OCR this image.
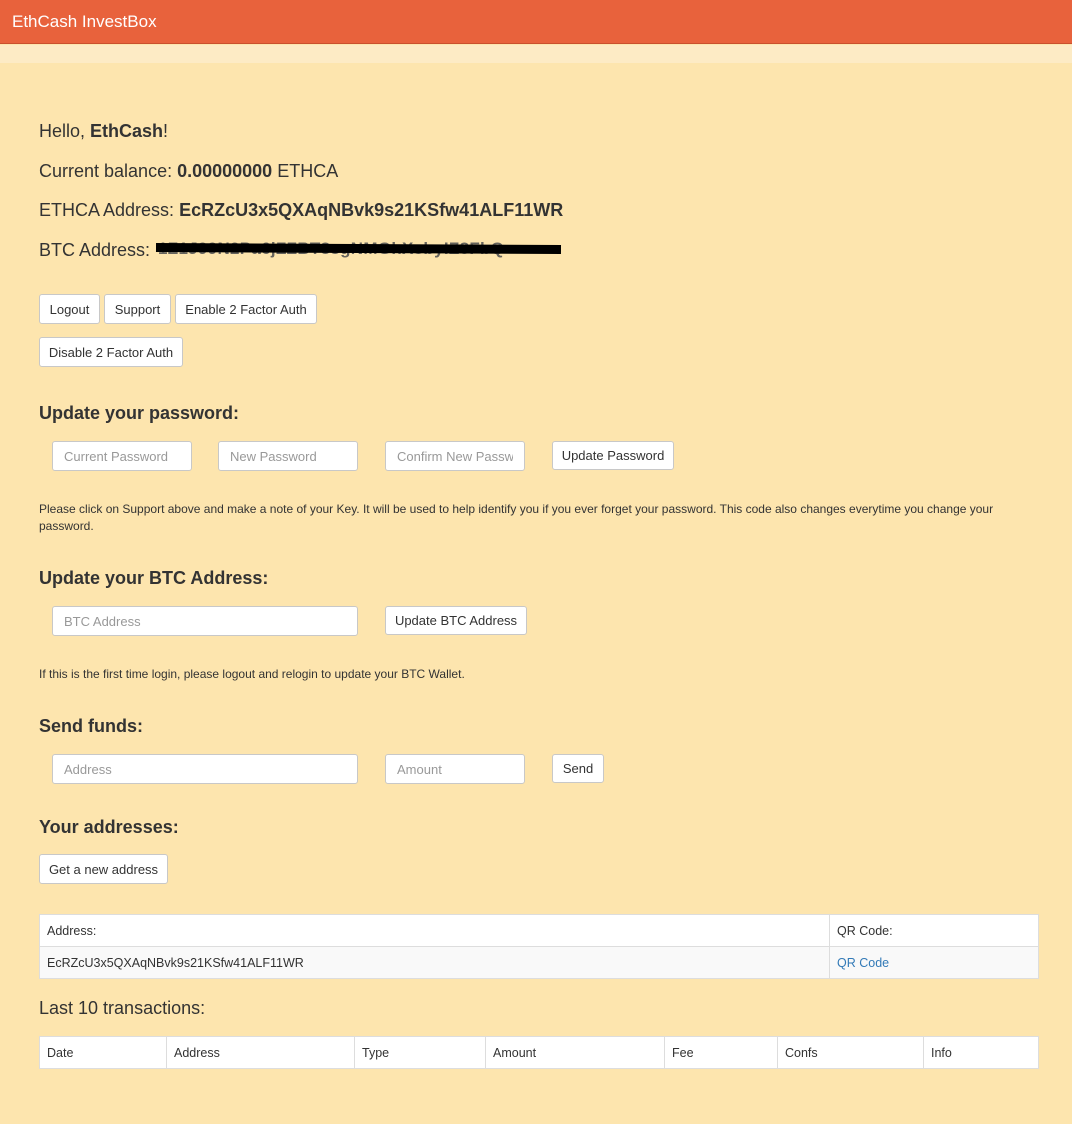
EthCash InvestBox
Hello, EthCash!
Current balance: 0.00000000 ETHCA
ETHCA Address: EcRZcU3x5QXAqNBvk9s21KSfw41ALF11WR
BTC Address:
Logout	Support	Enable 2 Factor Auth
Disable 2 Factor Auth
Update your password:
Current Password
New Password
Confirm New Password
Update Password
Please click on Support above and make a note of your Key. It will be used to help identify you if you ever forget your password. This code also changes everytime you change your password.
Update your BTC Address:
BTC Address
Update BTC Address
If this is the first time login, please logout and relogin to update your BTC Wallet.
Send funds:
Address
Amount
Send
Your addresses:
Get a new address
Address:	QR Code:
EcRZcU3x5QXAqNBvk9s21KSfw41ALF11WR	QR Code
Last 10 transactions:
Date	Address	Type	Amount	Fee	Confs	Info
